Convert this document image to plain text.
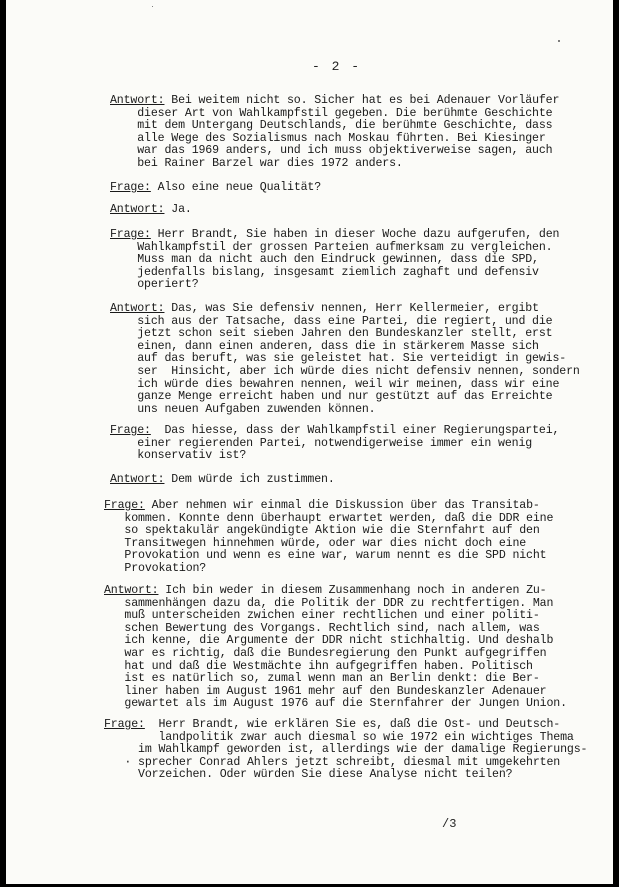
- 2 -
Antwort: Bei weitem nicht so. Sicher hat es bei Adenauer Vorläufer
dieser Art von Wahlkampfstil gegeben. Die berühmte Geschichte
mit dem Untergang Deutschlands, die berühmte Geschichte, dass
alle Wege des Sozialismus nach Moskau führten. Bei Kiesinger
war das 1969 anders, und ich muss objektiverweise sagen, auch
bei Rainer Barzel war dies 1972 anders.
Frage: Also eine neue Qualität?
Antwort: Ja.
Frage: Herr Brandt, Sie haben in dieser Woche dazu aufgerufen, den
Wahlkampfstil der grossen Parteien aufmerksam zu vergleichen.
Muss man da nicht auch den Eindruck gewinnen, dass die SPD,
jedenfalls bislang, insgesamt ziemlich zaghaft und defensiv
operiert?
Antwort: Das, was Sie defensiv nennen, Herr Kellermeier, ergibt
sich aus der Tatsache, dass eine Partei, die regiert, und die
jetzt schon seit sieben Jahren den Bundeskanzler stellt, erst
einen, dann einen anderen, dass die in stärkerem Masse sich
auf das beruft, was sie geleistet hat. Sie verteidigt in gewis-
ser  Hinsicht, aber ich würde dies nicht defensiv nennen, sondern
ich würde dies bewahren nennen, weil wir meinen, dass wir eine
ganze Menge erreicht haben und nur gestützt auf das Erreichte
uns neuen Aufgaben zuwenden können.
Frage:  Das hiesse, dass der Wahlkampfstil einer Regierungspartei,
einer regierenden Partei, notwendigerweise immer ein wenig
konservativ ist?
Antwort: Dem würde ich zustimmen.
Frage: Aber nehmen wir einmal die Diskussion über das Transitab-
kommen. Konnte denn überhaupt erwartet werden, daß die DDR eine
so spektakulär angekündigte Aktion wie die Sternfahrt auf den
Transitwegen hinnehmen würde, oder war dies nicht doch eine
Provokation und wenn es eine war, warum nennt es die SPD nicht
Provokation?
Antwort: Ich bin weder in diesem Zusammenhang noch in anderen Zu-
sammenhängen dazu da, die Politik der DDR zu rechtfertigen. Man
muß unterscheiden zwichen einer rechtlichen und einer politi-
schen Bewertung des Vorgangs. Rechtlich sind, nach allem, was
ich kenne, die Argumente der DDR nicht stichhaltig. Und deshalb
war es richtig, daß die Bundesregierung den Punkt aufgegriffen
hat und daß die Westmächte ihn aufgegriffen haben. Politisch
ist es natürlich so, zumal wenn man an Berlin denkt: die Ber-
liner haben im August 1961 mehr auf den Bundeskanzler Adenauer
gewartet als im August 1976 auf die Sternfahrer der Jungen Union.
Frage:  Herr Brandt, wie erklären Sie es, daß die Ost- und Deutsch-
landpolitik zwar auch diesmal so wie 1972 ein wichtiges Thema
im Wahlkampf geworden ist, allerdings wie der damalige Regierungs-
· sprecher Conrad Ahlers jetzt schreibt, diesmal mit umgekehrten
Vorzeichen. Oder würden Sie diese Analyse nicht teilen?
/3
